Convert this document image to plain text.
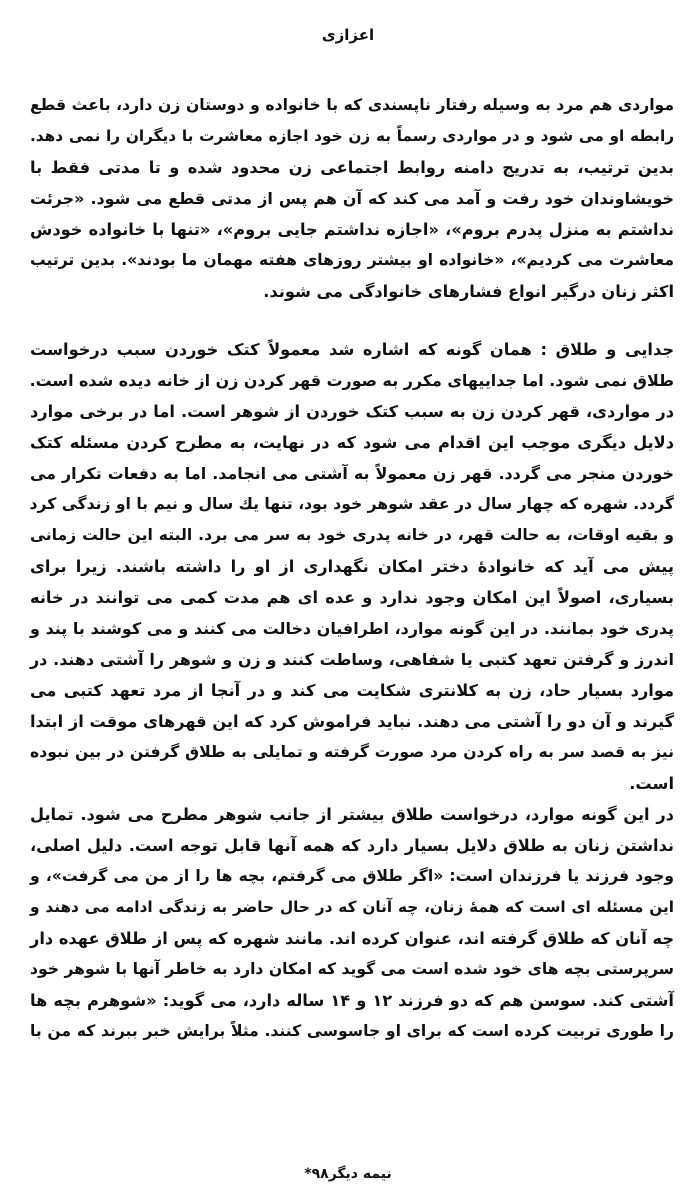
اعزازی

مواردی هم مرد به وسیله رفتار ناپسندی که با خانواده و دوستان زن دارد، باعث قطع
رابطه او می شود و در مواردی رسماً به زن خود اجازه معاشرت با دیگران را نمی دهد.
بدین ترتیب، به تدریج دامنه روابط اجتماعی زن محدود شده و تا مدتی فقط با
خویشاوندان خود رفت و آمد می کند که آن هم پس از مدتی قطع می شود. «جرئت
نداشتم به منزل پدرم بروم»، «اجازه نداشتم جایی بروم»، «تنها با خانواده خودش
معاشرت می کردیم»، «خانواده او بیشتر روزهای هفته مهمان ما بودند». بدین ترتیب
اکثر زنان درگیر انواع فشارهای خانوادگی می شوند.

جدایی و طلاق : همان گونه که اشاره شد معمولاً کتک خوردن سبب درخواست
طلاق نمی شود. اما جداییهای مکرر به صورت قهر کردن زن از خانه دیده شده است.
در مواردی، قهر کردن زن به سبب کتک خوردن از شوهر است. اما در برخی موارد
دلایل دیگری موجب این اقدام می شود که در نهایت، به مطرح کردن مسئله کتک
خوردن منجر می گردد. قهر زن معمولاً به آشتی می انجامد. اما به دفعات تکرار می
گردد. شهره که چهار سال در عقد شوهر خود بود، تنها یك سال و نیم با او زندگی کرد
و بقیه اوقات، به حالت قهر، در خانه پدری خود به سر می برد. البته این حالت زمانی
پیش می آید که خانوادهٔ دختر امکان نگهداری از او را داشته باشند. زیرا برای
بسیاری، اصولاً این امکان وجود ندارد و عده ای هم مدت کمی می توانند در خانه
پدری خود بمانند. در این گونه موارد، اطرافیان دخالت می کنند و می کوشند با پند و
اندرز و گرفتن تعهد کتبی یا شفاهی، وساطت کنند و زن و شوهر را آشتی دهند. در
موارد بسیار حاد، زن به کلانتری شکایت می کند و در آنجا از مرد تعهد کتبی می
گیرند و آن دو را آشتی می دهند. نباید فراموش کرد که این قهرهای موقت از ابتدا
نیز به قصد سر به راه کردن مرد صورت گرفته و تمایلی به طلاق گرفتن در بین نبوده
است.

در این گونه موارد، درخواست طلاق بیشتر از جانب شوهر مطرح می شود. تمایل
نداشتن زنان به طلاق دلایل بسیار دارد که همه آنها قابل توجه است. دلیل اصلی،
وجود فرزند یا فرزندان است: «اگر طلاق می گرفتم، بچه ها را از من می گرفت»، و
این مسئله ای است که همهٔ زنان، چه آنان که در حال حاضر به زندگی ادامه می دهند و
چه آنان که طلاق گرفته اند، عنوان کرده اند. مانند شهره که پس از طلاق عهده دار
سرپرستی بچه های خود شده است می گوید که امکان دارد به خاطر آنها با شوهر خود
آشتی کند. سوسن هم که دو فرزند ۱۲ و ۱۴ ساله دارد، می گوید: «شوهرم بچه ها
را طوری تربیت کرده است که برای او جاسوسی کنند. مثلاً برایش خبر ببرند که من با

نیمه دیگر۹۸*
